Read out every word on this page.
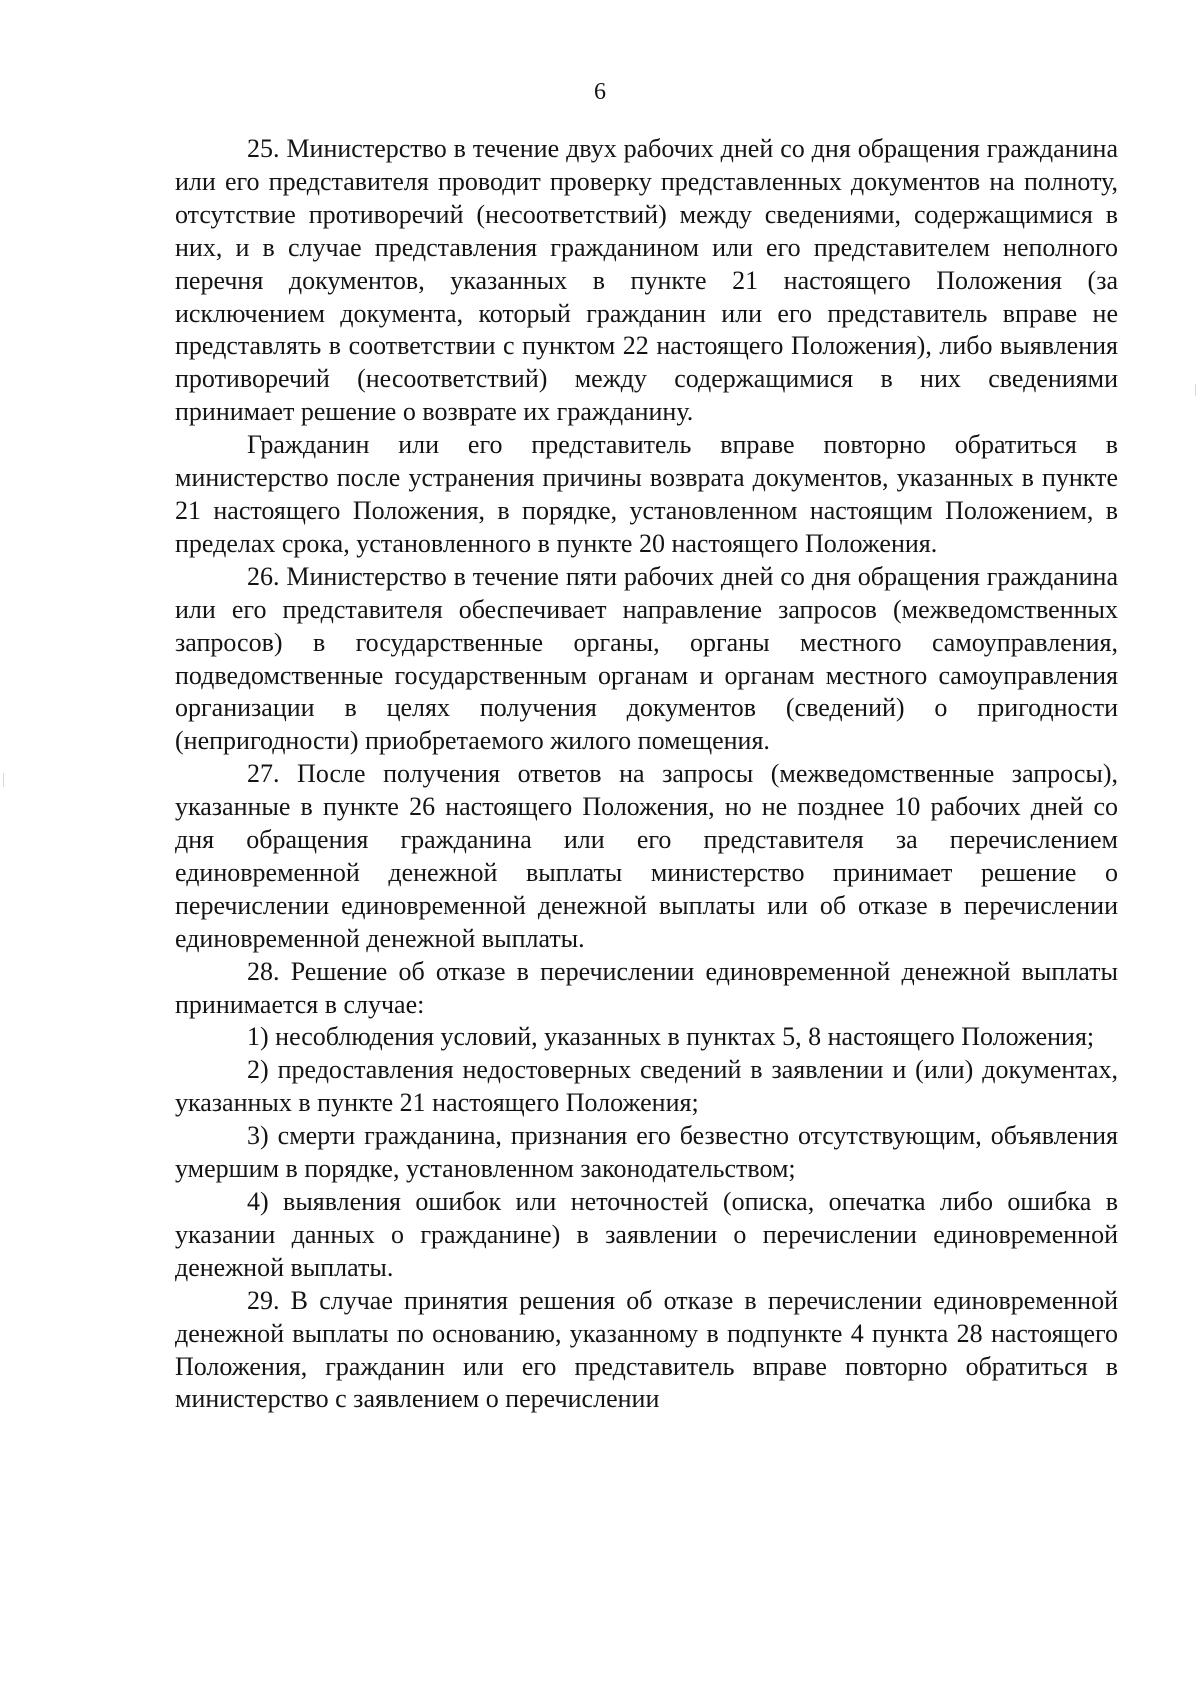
6

25. Министерство в течение двух рабочих дней со дня обращения гражданина или его представителя проводит проверку представленных документов на полноту, отсутствие противоречий (несоответствий) между сведениями, содержащимися в них, и в случае представления гражданином или его представителем неполного перечня документов, указанных в пункте 21 настоящего Положения (за исключением документа, который гражданин или его представитель вправе не представлять в соответствии с пунктом 22 настоящего Положения), либо выявления противоречий (несоответствий) между содержащимися в них сведениями принимает решение о возврате их гражданину.

Гражданин или его представитель вправе повторно обратиться в министерство после устранения причины возврата документов, указанных в пункте 21 настоящего Положения, в порядке, установленном настоящим Положением, в пределах срока, установленного в пункте 20 настоящего Положения.

26. Министерство в течение пяти рабочих дней со дня обращения гражданина или его представителя обеспечивает направление запросов (межведомственных запросов) в государственные органы, органы местного самоуправления, подведомственные государственным органам и органам местного самоуправления организации в целях получения документов (сведений) о пригодности (непригодности) приобретаемого жилого помещения.

27. После получения ответов на запросы (межведомственные запросы), указанные в пункте 26 настоящего Положения, но не позднее 10 рабочих дней со дня обращения гражданина или его представителя за перечислением единовременной денежной выплаты министерство принимает решение о перечислении единовременной денежной выплаты или об отказе в перечислении единовременной денежной выплаты.

28. Решение об отказе в перечислении единовременной денежной выплаты принимается в случае:

1) несоблюдения условий, указанных в пунктах 5, 8 настоящего Положения;

2) предоставления недостоверных сведений в заявлении и (или) документах, указанных в пункте 21 настоящего Положения;

3) смерти гражданина, признания его безвестно отсутствующим, объявления умершим в порядке, установленном законодательством;

4) выявления ошибок или неточностей (описка, опечатка либо ошибка в указании данных о гражданине) в заявлении о перечислении единовременной денежной выплаты.

29. В случае принятия решения об отказе в перечислении единовременной денежной выплаты по основанию, указанному в подпункте 4 пункта 28 настоящего Положения, гражданин или его представитель вправе повторно обратиться в министерство с заявлением о перечислении
